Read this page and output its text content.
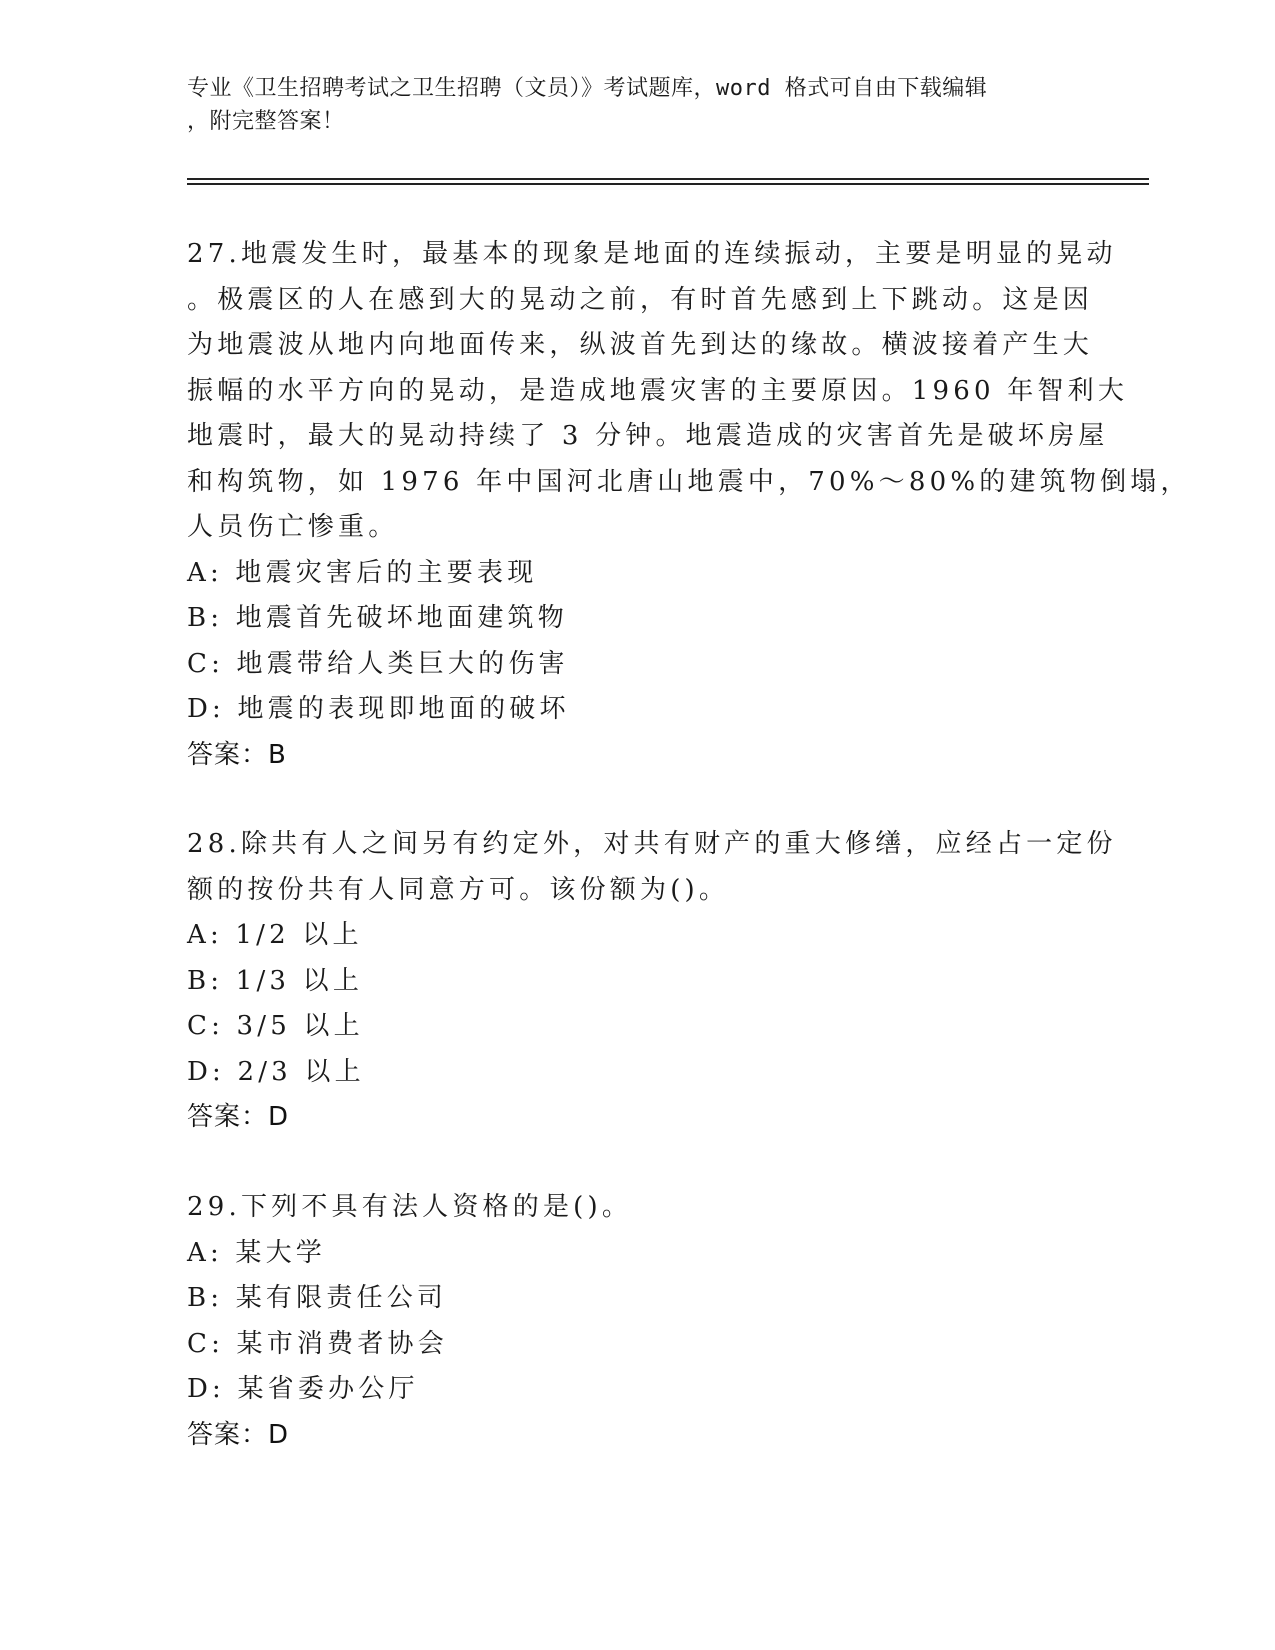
专业《卫生招聘考试之卫生招聘（文员）》考试题库，word 格式可自由下载编辑
，附完整答案！
27.地震发生时，最基本的现象是地面的连续振动，主要是明显的晃动
。极震区的人在感到大的晃动之前，有时首先感到上下跳动。这是因
为地震波从地内向地面传来，纵波首先到达的缘故。横波接着产生大
振幅的水平方向的晃动，是造成地震灾害的主要原因。1960 年智利大
地震时，最大的晃动持续了 3 分钟。地震造成的灾害首先是破坏房屋
和构筑物，如 1976 年中国河北唐山地震中，70%～80%的建筑物倒塌，
人员伤亡惨重。
A: 地震灾害后的主要表现
B: 地震首先破坏地面建筑物
C: 地震带给人类巨大的伤害
D: 地震的表现即地面的破坏
答案：B
28.除共有人之间另有约定外，对共有财产的重大修缮，应经占一定份
额的按份共有人同意方可。该份额为()。
A: 1/2 以上
B: 1/3 以上
C: 3/5 以上
D: 2/3 以上
答案：D
29.下列不具有法人资格的是()。
A: 某大学
B: 某有限责任公司
C: 某市消费者协会
D: 某省委办公厅
答案：D
